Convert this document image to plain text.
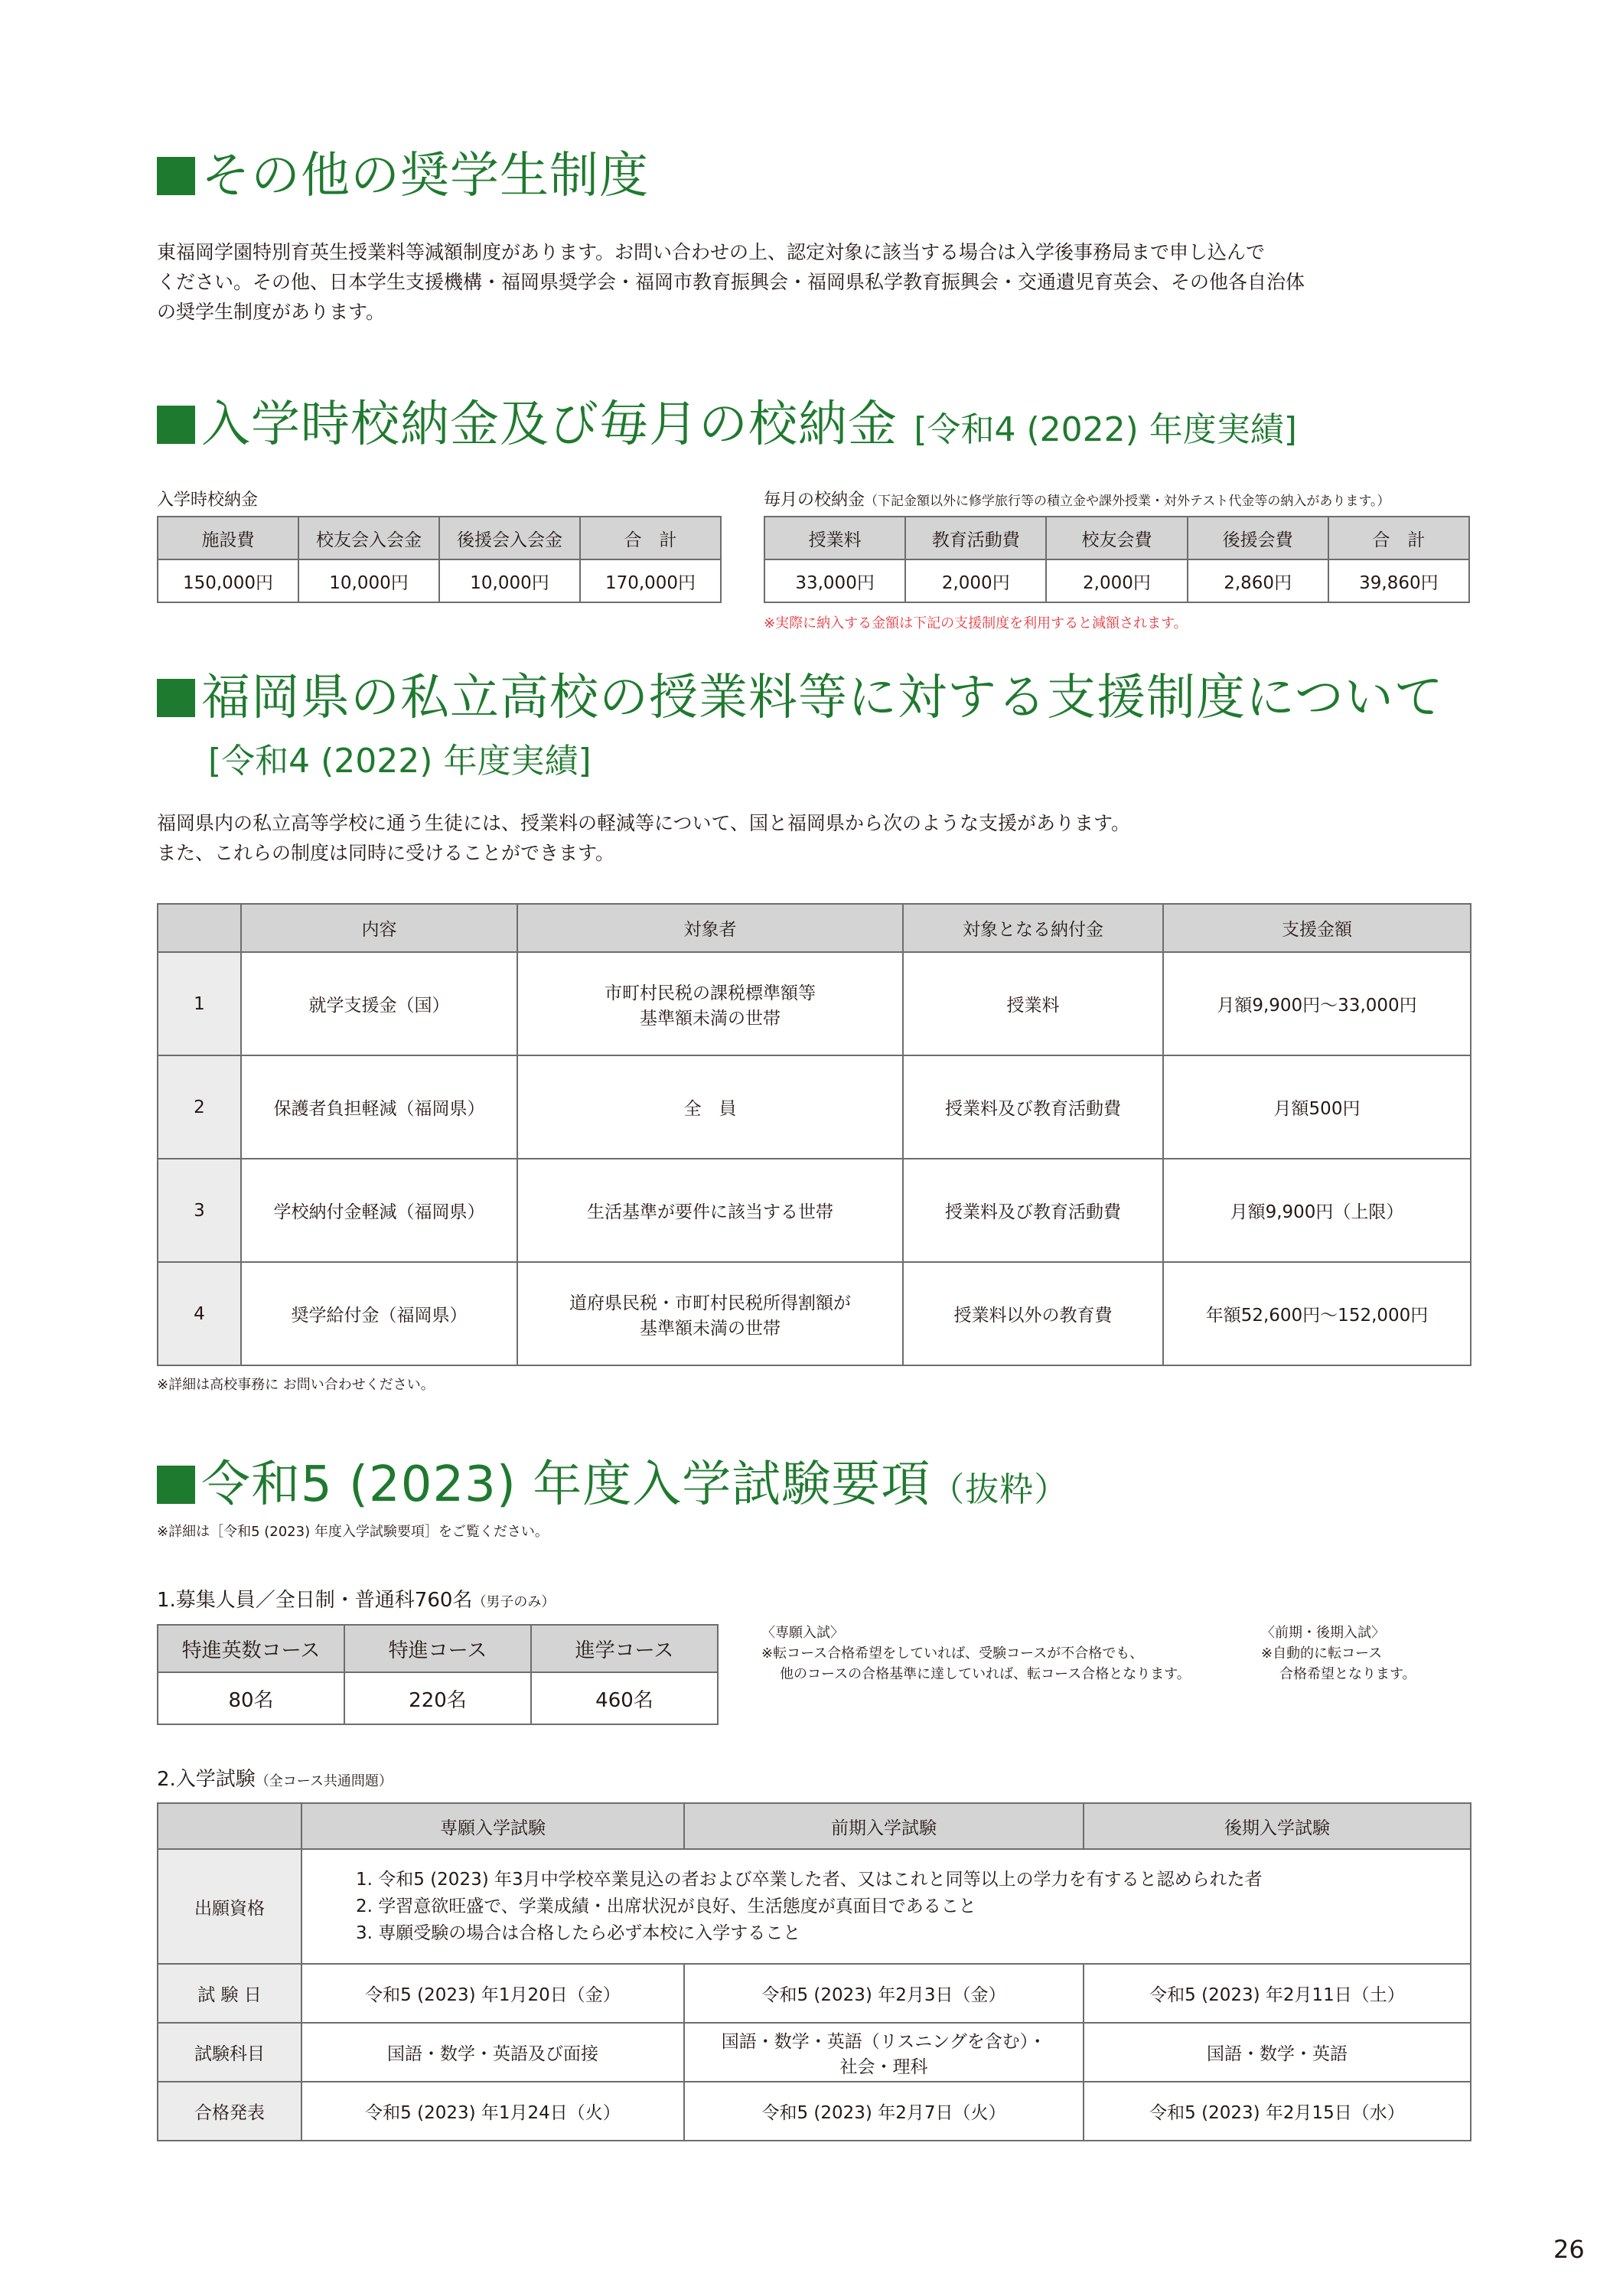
その他の奨学生制度
東福岡学園特別育英生授業料等減額制度があります。お問い合わせの上、認定対象に該当する場合は入学後事務局まで申し込んで
ください。その他、日本学生支援機構・福岡県奨学会・福岡市教育振興会・福岡県私学教育振興会・交通遺児育英会、その他各自治体
の奨学生制度があります。
入学時校納金及び毎月の校納金 [令和4 (2022) 年度実績]
入学時校納金
施設費	校友会入会金	後援会入会金	合　計
150,000円	10,000円	10,000円	170,000円
毎月の校納金（下記金額以外に修学旅行等の積立金や課外授業・対外テスト代金等の納入があります。）
授業料	教育活動費	校友会費	後援会費	合　計
33,000円	2,000円	2,000円	2,860円	39,860円
※実際に納入する金額は下記の支援制度を利用すると減額されます。
福岡県の私立高校の授業料等に対する支援制度について
[令和4 (2022) 年度実績]
福岡県内の私立高等学校に通う生徒には、授業料の軽減等について、国と福岡県から次のような支援があります。
また、これらの制度は同時に受けることができます。
	内容	対象者	対象となる納付金	支援金額
1	就学支援金（国）	市町村民税の課税標準額等
基準額未満の世帯	授業料	月額9,900円～33,000円
2	保護者負担軽減（福岡県）	全　員	授業料及び教育活動費	月額500円
3	学校納付金軽減（福岡県）	生活基準が要件に該当する世帯	授業料及び教育活動費	月額9,900円（上限）
4	奨学給付金（福岡県）	道府県民税・市町村民税所得割額が
基準額未満の世帯	授業料以外の教育費	年額52,600円～152,000円
※詳細は高校事務に お問い合わせください。
令和5 (2023) 年度入学試験要項（抜粋）
※詳細は［令和5 (2023) 年度入学試験要項］をご覧ください。
1.募集人員／全日制・普通科760名（男子のみ）
特進英数コース	特進コース	進学コース
80名	220名	460名
〈専願入試〉
※転コース合格希望をしていれば、受験コースが不合格でも、
他のコースの合格基準に達していれば、転コース合格となります。
〈前期・後期入試〉
※自動的に転コース
合格希望となります。
2.入学試験（全コース共通問題）
	専願入学試験	前期入学試験	後期入学試験
出願資格	1. 令和5 (2023) 年3月中学校卒業見込の者および卒業した者、又はこれと同等以上の学力を有すると認められた者
2. 学習意欲旺盛で、学業成績・出席状況が良好、生活態度が真面目であること
3. 専願受験の場合は合格したら必ず本校に入学すること		

試 験 日	令和5 (2023) 年1月20日（金）	令和5 (2023) 年2月3日（金）	令和5 (2023) 年2月11日（土）
試験科目	国語・数学・英語及び面接	国語・数学・英語（リスニングを含む）・
社会・理科	国語・数学・英語
合格発表	令和5 (2023) 年1月24日（火）	令和5 (2023) 年2月7日（火）	令和5 (2023) 年2月15日（水）
26
